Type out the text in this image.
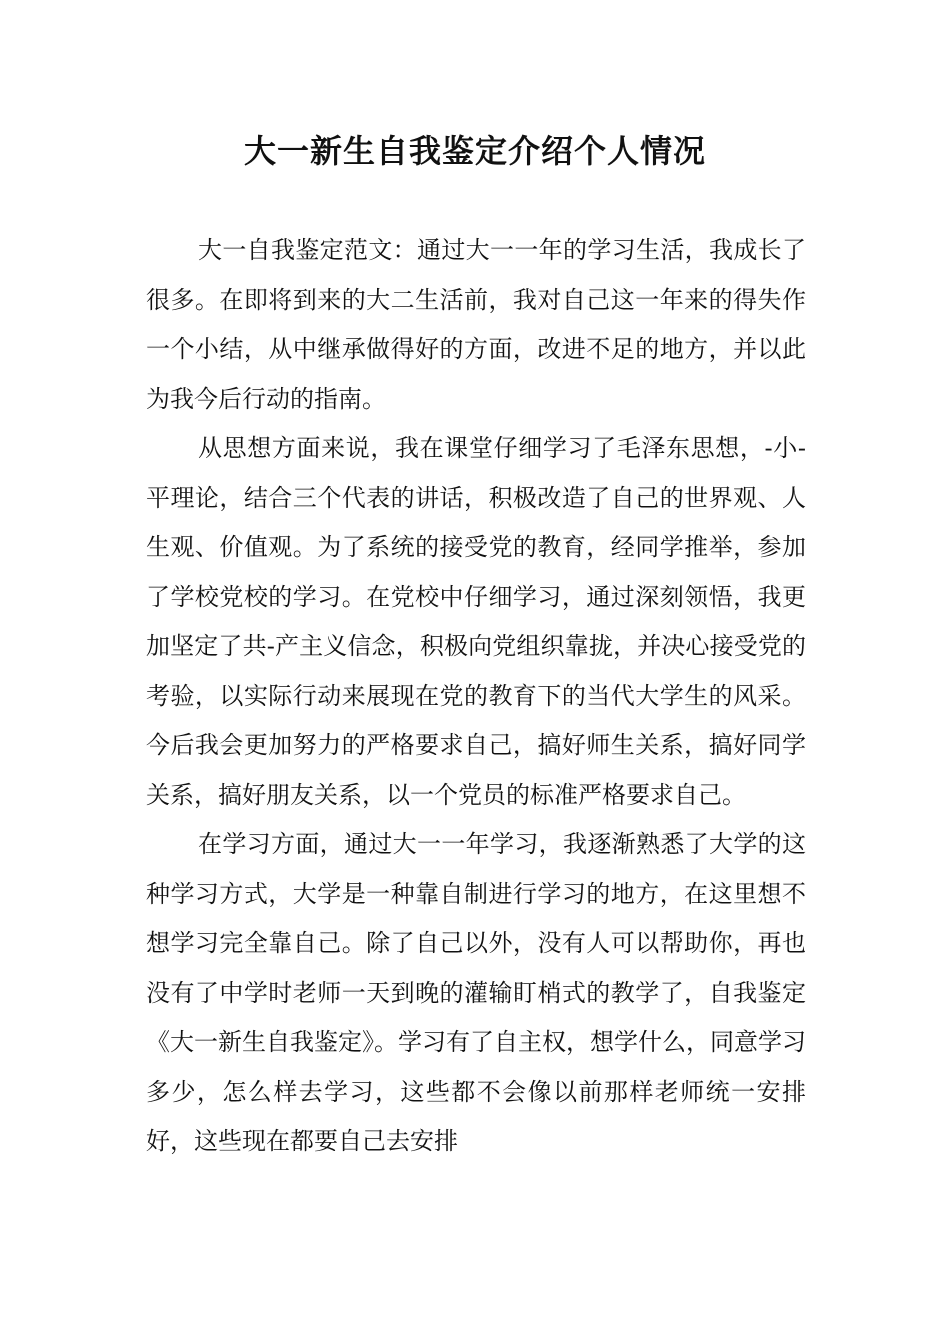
大一新生自我鉴定介绍个人情况

大一自我鉴定范文：通过大一一年的学习生活，我成长了很多。在即将到来的大二生活前，我对自己这一年来的得失作一个小结，从中继承做得好的方面，改进不足的地方，并以此为我今后行动的指南。

从思想方面来说，我在课堂仔细学习了毛泽东思想，-小-平理论，结合三个代表的讲话，积极改造了自己的世界观、人生观、价值观。为了系统的接受党的教育，经同学推举，参加了学校党校的学习。在党校中仔细学习，通过深刻领悟，我更加坚定了共-产主义信念，积极向党组织靠拢，并决心接受党的考验，以实际行动来展现在党的教育下的当代大学生的风采。今后我会更加努力的严格要求自己，搞好师生关系，搞好同学关系，搞好朋友关系，以一个党员的标准严格要求自己。

在学习方面，通过大一一年学习，我逐渐熟悉了大学的这种学习方式，大学是一种靠自制进行学习的地方，在这里想不想学习完全靠自己。除了自己以外，没有人可以帮助你，再也没有了中学时老师一天到晚的灌输盯梢式的教学了，自我鉴定《大一新生自我鉴定》。学习有了自主权，想学什么，同意学习多少，怎么样去学习，这些都不会像以前那样老师统一安排好，这些现在都要自己去安排
